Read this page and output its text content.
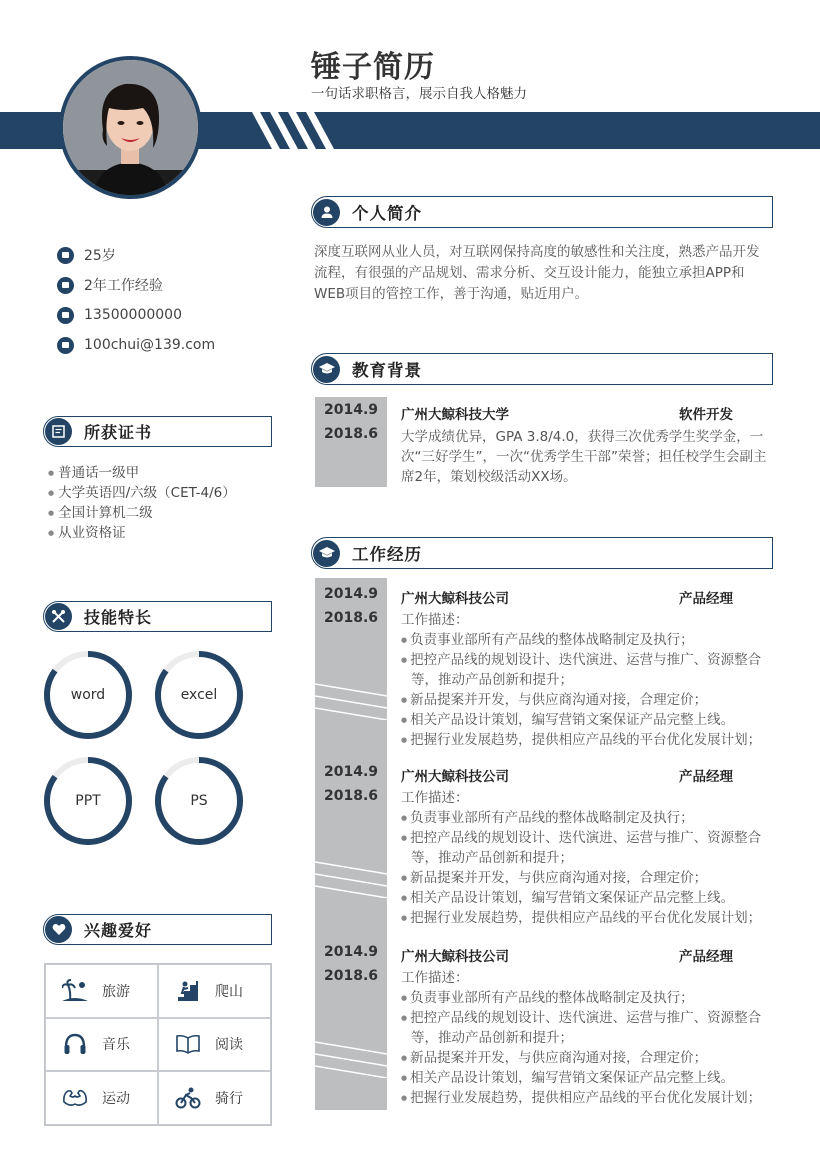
锤子简历
一句话求职格言，展示自我人格魅力
25岁
2年工作经验
13500000000
100chui@139.com
所获证书
● 普通话一级甲
● 大学英语四/六级（CET-4/6）
● 全国计算机二级
● 从业资格证
技能特长
word	excel
PPT	PS
兴趣爱好
旅游	爬山
音乐	阅读
运动	骑行
个人简介
深度互联网从业人员，对互联网保持高度的敏感性和关注度，熟悉产品开发流程，有很强的产品规划、需求分析、交互设计能力，能独立承担APP和WEB项目的管控工作，善于沟通，贴近用户。
教育背景
2014.9
2018.6
广州大鲸科技大学	软件开发
大学成绩优异，GPA 3.8/4.0，获得三次优秀学生奖学金，一次“三好学生”，一次“优秀学生干部”荣誉；担任校学生会副主席2年，策划校级活动XX场。
工作经历
2014.9
2018.6
广州大鲸科技公司	产品经理
工作描述：
● 负责事业部所有产品线的整体战略制定及执行；
● 把控产品线的规划设计、迭代演进、运营与推广、资源整合等，推动产品创新和提升；
● 新品提案并开发，与供应商沟通对接，合理定价；
● 相关产品设计策划，编写营销文案保证产品完整上线。
● 把握行业发展趋势，提供相应产品线的平台优化发展计划；
2014.9
2018.6
广州大鲸科技公司	产品经理
工作描述：
● 负责事业部所有产品线的整体战略制定及执行；
● 把控产品线的规划设计、迭代演进、运营与推广、资源整合等，推动产品创新和提升；
● 新品提案并开发，与供应商沟通对接，合理定价；
● 相关产品设计策划，编写营销文案保证产品完整上线。
● 把握行业发展趋势，提供相应产品线的平台优化发展计划；
2014.9
2018.6
广州大鲸科技公司	产品经理
工作描述：
● 负责事业部所有产品线的整体战略制定及执行；
● 把控产品线的规划设计、迭代演进、运营与推广、资源整合等，推动产品创新和提升；
● 新品提案并开发，与供应商沟通对接，合理定价；
● 相关产品设计策划，编写营销文案保证产品完整上线。
● 把握行业发展趋势，提供相应产品线的平台优化发展计划；
